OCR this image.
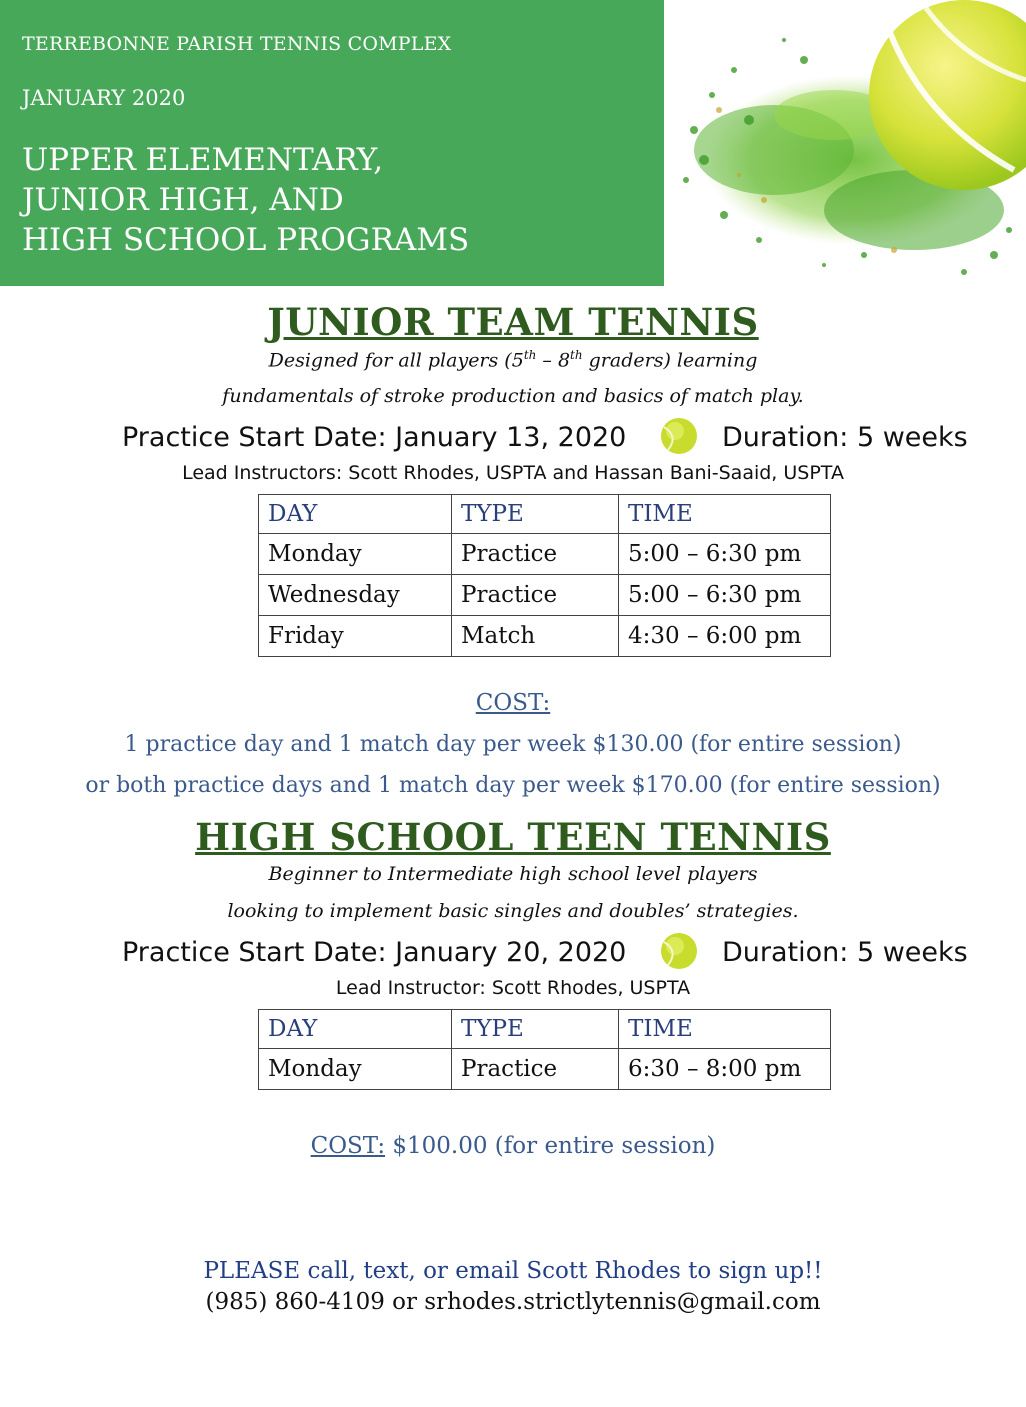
TERREBONNE PARISH TENNIS COMPLEX
JANUARY 2020
UPPER ELEMENTARY,
JUNIOR HIGH, AND
HIGH SCHOOL PROGRAMS
JUNIOR TEAM TENNIS
Designed for all players (5th – 8th graders) learning
fundamentals of stroke production and basics of match play.
Practice Start Date: January 13, 2020	Duration: 5 weeks
Lead Instructors: Scott Rhodes, USPTA and Hassan Bani-Saaid, USPTA
DAY	TYPE	TIME
Monday	Practice	5:00 – 6:30 pm
Wednesday	Practice	5:00 – 6:30 pm
Friday	Match	4:30 – 6:00 pm
COST:
1 practice day and 1 match day per week $130.00 (for entire session)
or both practice days and 1 match day per week $170.00 (for entire session)
HIGH SCHOOL TEEN TENNIS
Beginner to Intermediate high school level players
looking to implement basic singles and doubles’ strategies.
Practice Start Date: January 20, 2020	Duration: 5 weeks
Lead Instructor: Scott Rhodes, USPTA
DAY	TYPE	TIME
Monday	Practice	6:30 – 8:00 pm
COST: $100.00 (for entire session)
PLEASE call, text, or email Scott Rhodes to sign up!!
(985) 860-4109 or srhodes.strictlytennis@gmail.com
